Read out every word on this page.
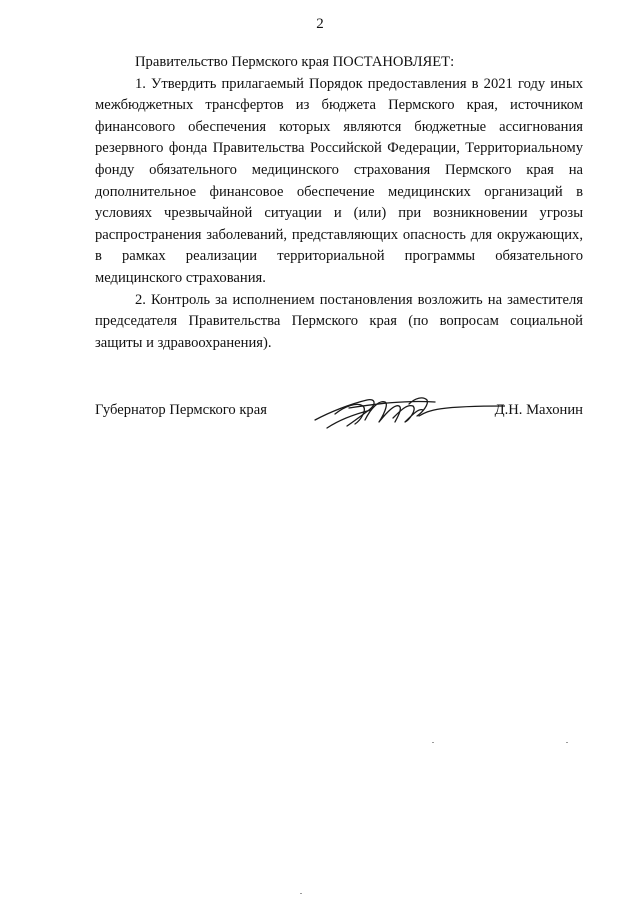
2

Правительство Пермского края ПОСТАНОВЛЯЕТ:

1. Утвердить прилагаемый Порядок предоставления в 2021 году иных межбюджетных трансфертов из бюджета Пермского края, источником финансового обеспечения которых являются бюджетные ассигнования резервного фонда Правительства Российской Федерации, Территориальному фонду обязательного медицинского страхования Пермского края на дополнительное финансовое обеспечение медицинских организаций в условиях чрезвычайной ситуации и (или) при возникновении угрозы распространения заболеваний, представляющих опасность для окружающих, в рамках реализации территориальной программы обязательного медицинского страхования.

2. Контроль за исполнением постановления возложить на заместителя председателя Правительства Пермского края (по вопросам социальной защиты и здравоохранения).

Губернатор Пермского края	Д.Н. Махонин
